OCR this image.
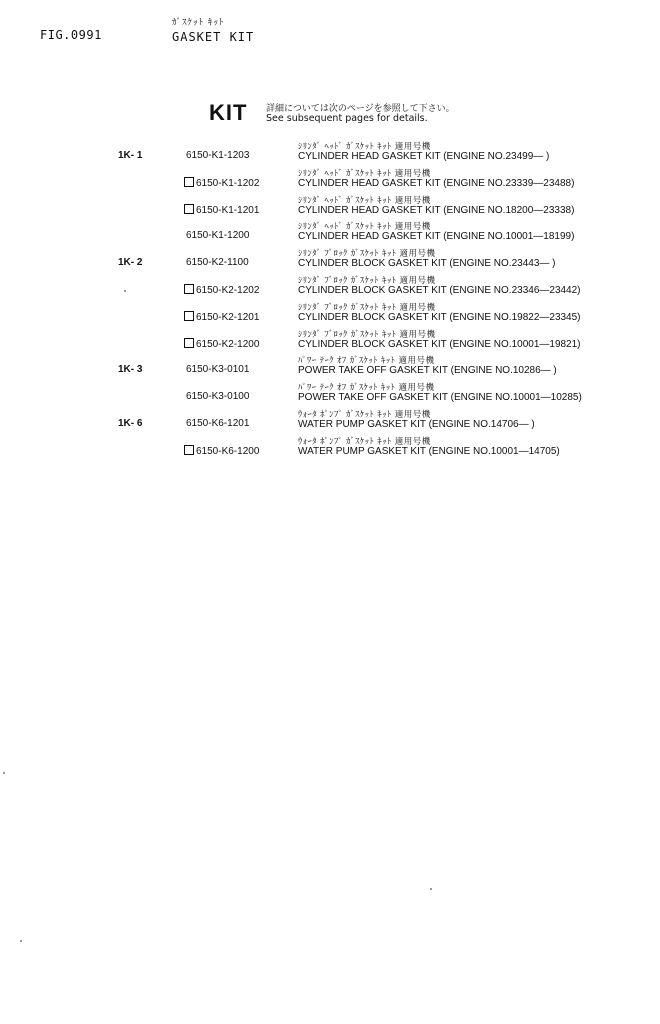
FIG.0991
ｶﾞｽｹｯﾄ ｷｯﾄ
GASKET KIT
KIT 詳細については次のページを参照して下さい。
See subsequent pages for details.
1K- 1	6150-K1-1203
ｼﾘﾝﾀﾞ ﾍｯﾄﾞ ｶﾞｽｹｯﾄ ｷｯﾄ 適用号機
CYLINDER HEAD GASKET KIT (ENGINE NO.23499— )
6150-K1-1202
ｼﾘﾝﾀﾞ ﾍｯﾄﾞ ｶﾞｽｹｯﾄ ｷｯﾄ 適用号機
CYLINDER HEAD GASKET KIT (ENGINE NO.23339—23488)
6150-K1-1201
ｼﾘﾝﾀﾞ ﾍｯﾄﾞ ｶﾞｽｹｯﾄ ｷｯﾄ 適用号機
CYLINDER HEAD GASKET KIT (ENGINE NO.18200—23338)
6150-K1-1200
ｼﾘﾝﾀﾞ ﾍｯﾄﾞ ｶﾞｽｹｯﾄ ｷｯﾄ 適用号機
CYLINDER HEAD GASKET KIT (ENGINE NO.10001—18199)
1K- 2	6150-K2-1100
ｼﾘﾝﾀﾞ ﾌﾞﾛｯｸ ｶﾞｽｹｯﾄ ｷｯﾄ 適用号機
CYLINDER BLOCK GASKET KIT (ENGINE NO.23443— )
6150-K2-1202
ｼﾘﾝﾀﾞ ﾌﾞﾛｯｸ ｶﾞｽｹｯﾄ ｷｯﾄ 適用号機
CYLINDER BLOCK GASKET KIT (ENGINE NO.23346—23442)
6150-K2-1201
ｼﾘﾝﾀﾞ ﾌﾞﾛｯｸ ｶﾞｽｹｯﾄ ｷｯﾄ 適用号機
CYLINDER BLOCK GASKET KIT (ENGINE NO.19822—23345)
6150-K2-1200
ｼﾘﾝﾀﾞ ﾌﾞﾛｯｸ ｶﾞｽｹｯﾄ ｷｯﾄ 適用号機
CYLINDER BLOCK GASKET KIT (ENGINE NO.10001—19821)
1K- 3	6150-K3-0101
ﾊﾟﾜｰ ﾃｰｸ ｵﾌ ｶﾞｽｹｯﾄ ｷｯﾄ 適用号機
POWER TAKE OFF GASKET KIT (ENGINE NO.10286— )
6150-K3-0100
ﾊﾟﾜｰ ﾃｰｸ ｵﾌ ｶﾞｽｹｯﾄ ｷｯﾄ 適用号機
POWER TAKE OFF GASKET KIT (ENGINE NO.10001—10285)
1K- 6	6150-K6-1201
ｳｫｰﾀ ﾎﾟﾝﾌﾟ ｶﾞｽｹｯﾄ ｷｯﾄ 適用号機
WATER PUMP GASKET KIT (ENGINE NO.14706— )
6150-K6-1200
ｳｫｰﾀ ﾎﾟﾝﾌﾟ ｶﾞｽｹｯﾄ ｷｯﾄ 適用号機
WATER PUMP GASKET KIT (ENGINE NO.10001—14705)
